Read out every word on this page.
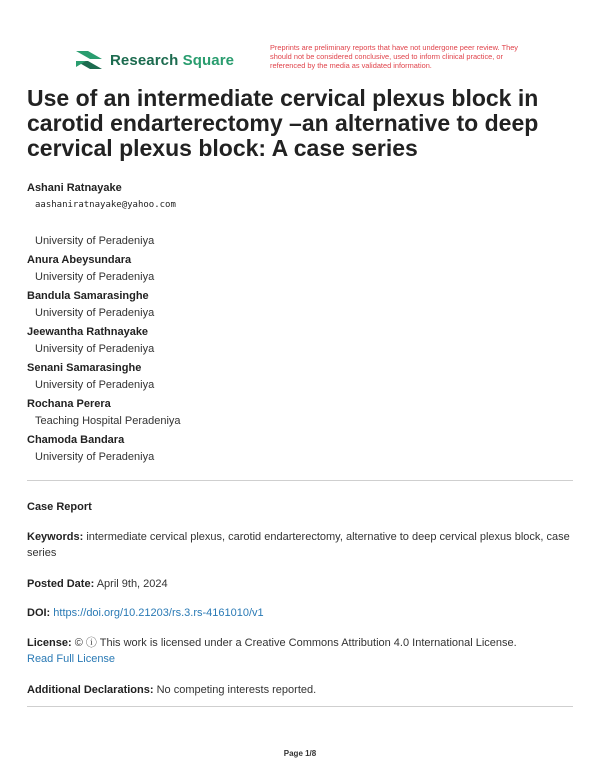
Research Square
Preprints are preliminary reports that have not undergone peer review. They should not be considered conclusive, used to inform clinical practice, or referenced by the media as validated information.
Use of an intermediate cervical plexus block in carotid endarterectomy –an alternative to deep cervical plexus block: A case series
Ashani Ratnayake
aashaniratnayake@yahoo.com
University of Peradeniya
Anura Abeysundara
University of Peradeniya
Bandula Samarasinghe
University of Peradeniya
Jeewantha Rathnayake
University of Peradeniya
Senani Samarasinghe
University of Peradeniya
Rochana Perera
Teaching Hospital Peradeniya
Chamoda Bandara
University of Peradeniya
Case Report
Keywords: intermediate cervical plexus, carotid endarterectomy, alternative to deep cervical plexus block, case series
Posted Date: April 9th, 2024
DOI: https://doi.org/10.21203/rs.3.rs-4161010/v1
License: © ⓘ This work is licensed under a Creative Commons Attribution 4.0 International License.
Read Full License
Additional Declarations: No competing interests reported.
Page 1/8
